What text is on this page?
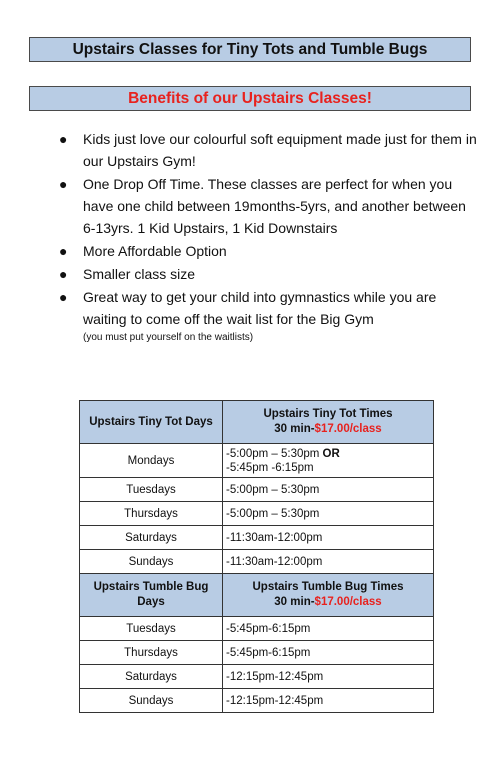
Upstairs Classes for Tiny Tots and Tumble Bugs
Benefits of our Upstairs Classes!
● Kids just love our colourful soft equipment made just for them in our Upstairs Gym!
● One Drop Off Time. These classes are perfect for when you have one child between 19months-5yrs, and another between 6-13yrs. 1 Kid Upstairs, 1 Kid Downstairs
● More Affordable Option
● Smaller class size
● Great way to get your child into gymnastics while you are waiting to come off the wait list for the Big Gym
(you must put yourself on the waitlists)
Upstairs Tiny Tot Days	Upstairs Tiny Tot Times
30 min-$17.00/class
Mondays	-5:00pm – 5:30pm OR
-5:45pm -6:15pm
Tuesdays	-5:00pm – 5:30pm
Thursdays	-5:00pm – 5:30pm
Saturdays	-11:30am-12:00pm
Sundays	-11:30am-12:00pm
Upstairs Tumble Bug Days	Upstairs Tumble Bug Times
30 min-$17.00/class
Tuesdays	-5:45pm-6:15pm
Thursdays	-5:45pm-6:15pm
Saturdays	-12:15pm-12:45pm
Sundays	-12:15pm-12:45pm
